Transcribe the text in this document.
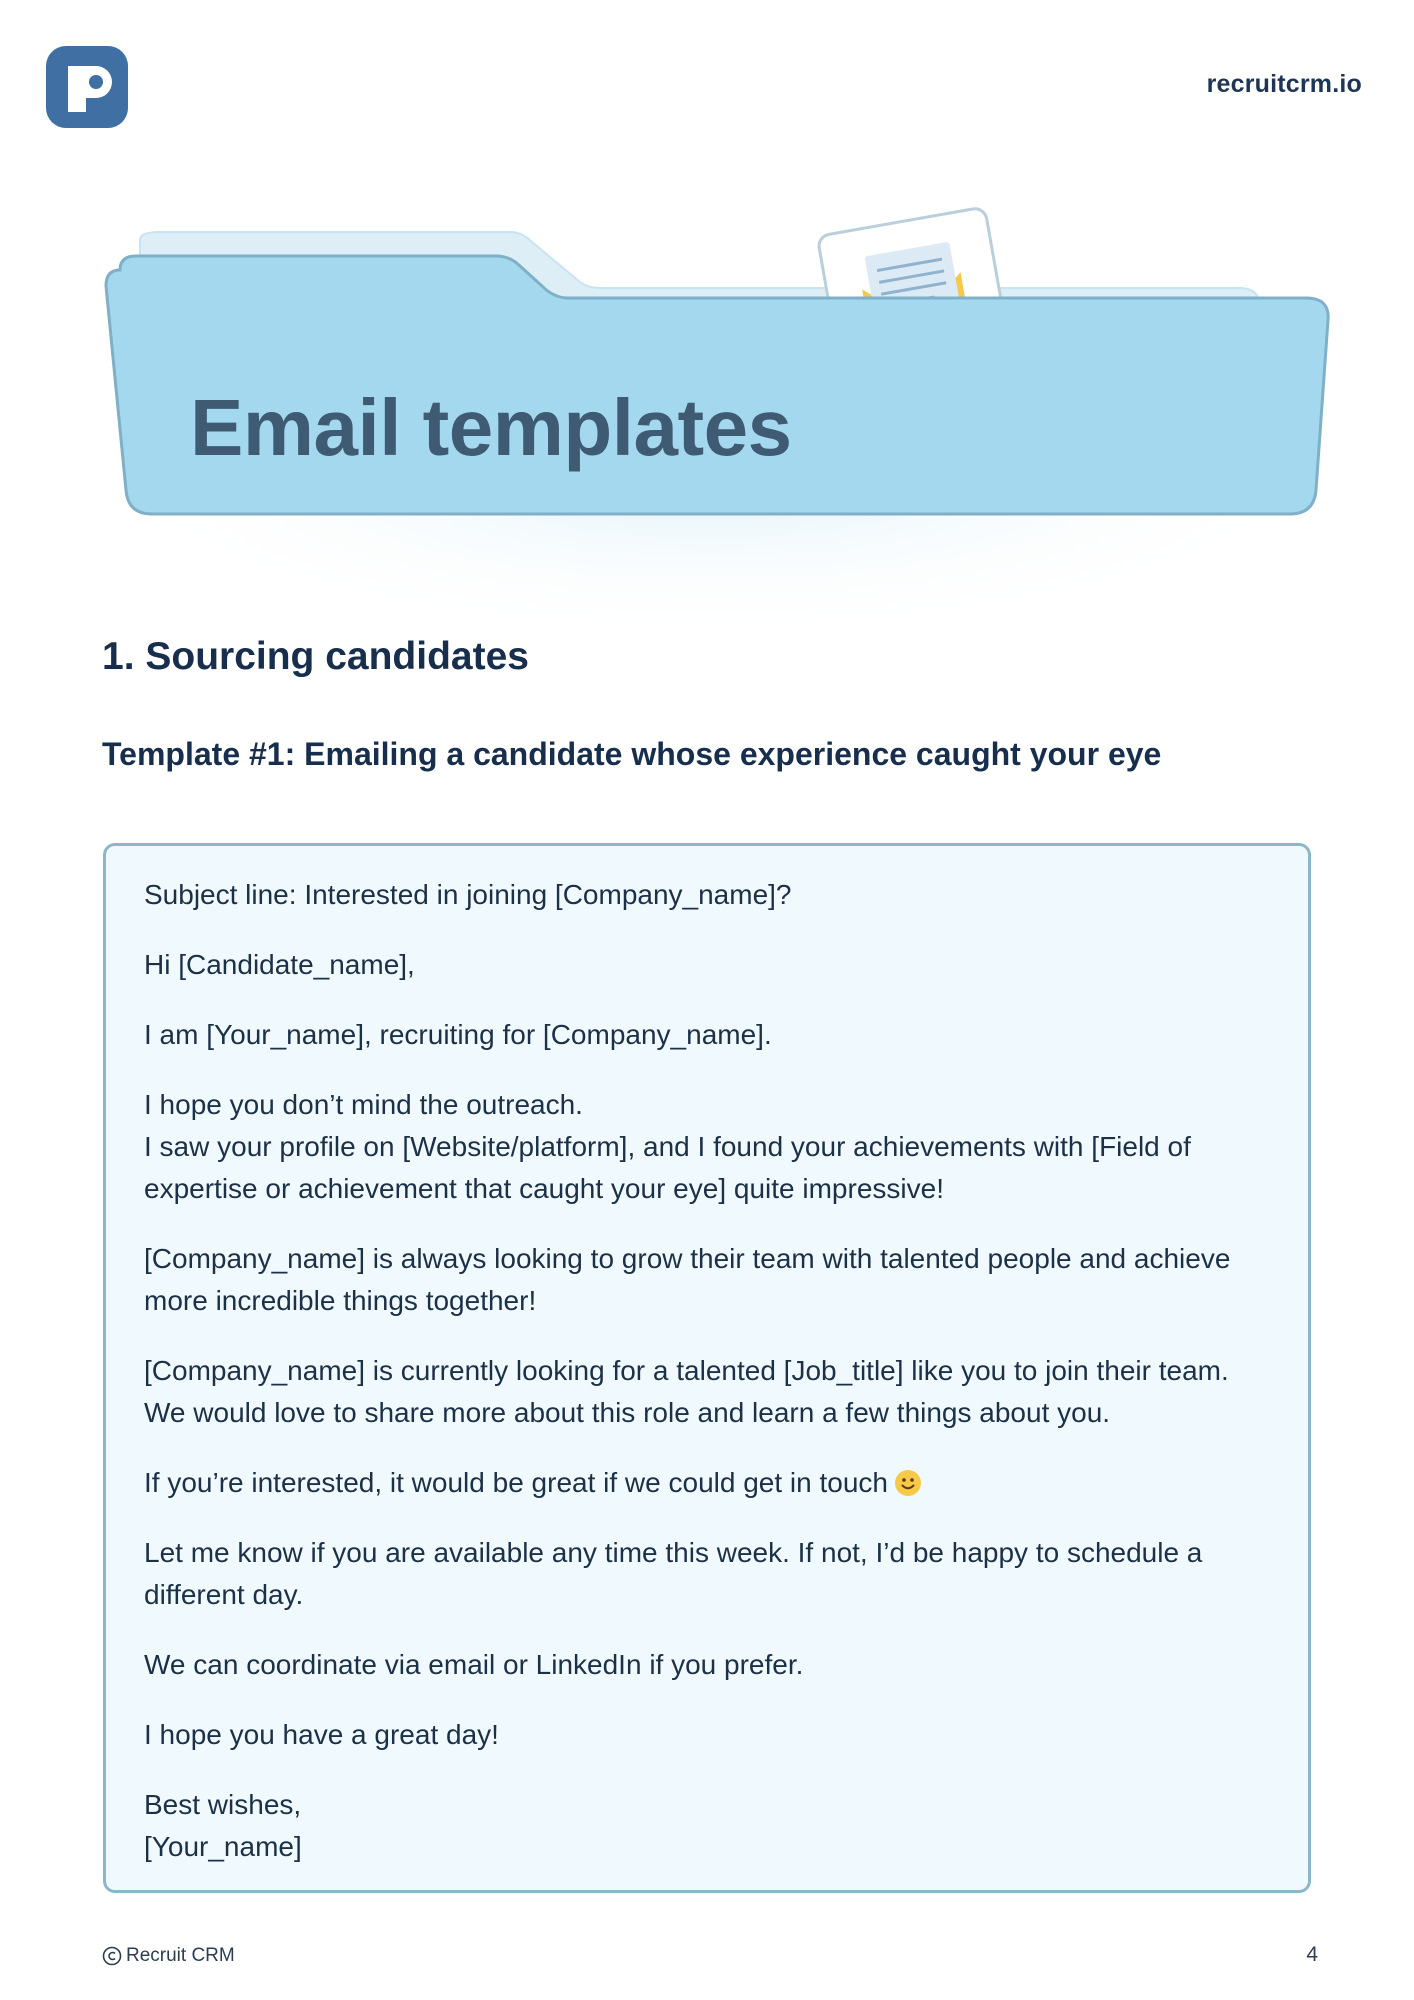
recruitcrm.io
Email templates
1. Sourcing candidates
Template #1: Emailing a candidate whose experience caught your eye

Subject line: Interested in joining [Company_name]?

Hi [Candidate_name],

I am [Your_name], recruiting for [Company_name].

I hope you don’t mind the outreach.
I saw your profile on [Website/platform], and I found your achievements with [Field of expertise or achievement that caught your eye] quite impressive!

[Company_name] is always looking to grow their team with talented people and achieve more incredible things together!

[Company_name] is currently looking for a talented [Job_title] like you to join their team. We would love to share more about this role and learn a few things about you.

If you’re interested, it would be great if we could get in touch

Let me know if you are available any time this week. If not, I’d be happy to schedule a different day.

We can coordinate via email or LinkedIn if you prefer.

I hope you have a great day!

Best wishes,
[Your_name]

Recruit CRM	4
